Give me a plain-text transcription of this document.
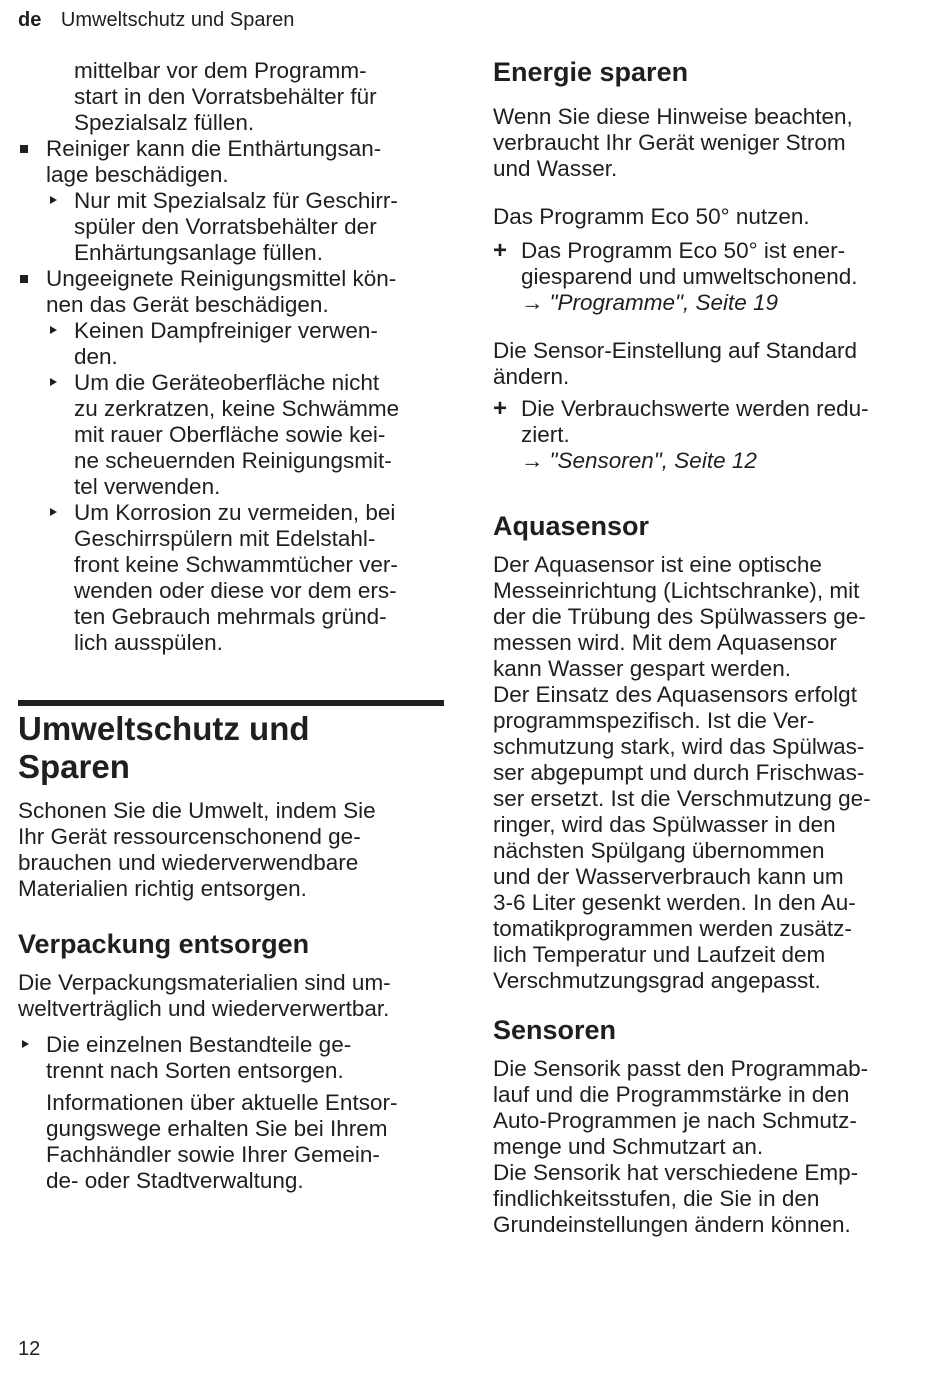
de Umweltschutz und Sparen

mittelbar vor dem Programm-

start in den Vorratsbehälter für

Spezialsalz füllen.

Reiniger kann die Enthärtungsan-

lage beschädigen.

Nur mit Spezialsalz für Geschirr-

spüler den Vorratsbehälter der

Enhärtungsanlage füllen.

Ungeeignete Reinigungsmittel kön-

nen das Gerät beschädigen.

Keinen Dampfreiniger verwen-

den.

Um die Geräteoberfläche nicht

zu zerkratzen, keine Schwämme

mit rauer Oberfläche sowie kei-

ne scheuernden Reinigungsmit-

tel verwenden.

Um Korrosion zu vermeiden, bei

Geschirrspülern mit Edelstahl-

front keine Schwammtücher ver-

wenden oder diese vor dem ers-

ten Gebrauch mehrmals gründ-

lich ausspülen.

Umweltschutz und

Sparen

Schonen Sie die Umwelt, indem Sie

Ihr Gerät ressourcenschonend ge-

brauchen und wiederverwendbare

Materialien richtig entsorgen.

Verpackung entsorgen

Die Verpackungsmaterialien sind um-

weltverträglich und wiederverwertbar.

Die einzelnen Bestandteile ge-

trennt nach Sorten entsorgen.

Informationen über aktuelle Entsor-

gungswege erhalten Sie bei Ihrem

Fachhändler sowie Ihrer Gemein-

de- oder Stadtverwaltung.

Energie sparen

Wenn Sie diese Hinweise beachten,

verbraucht Ihr Gerät weniger Strom

und Wasser.

Das Programm Eco 50° nutzen.

+ Das Programm Eco 50° ist ener-

giesparend und umweltschonend.

→ "Programme", Seite 19

Die Sensor-Einstellung auf Standard

ändern.

+ Die Verbrauchswerte werden redu-

ziert.

→ "Sensoren", Seite 12

Aquasensor

Der Aquasensor ist eine optische

Messeinrichtung (Lichtschranke), mit

der die Trübung des Spülwassers ge-

messen wird. Mit dem Aquasensor

kann Wasser gespart werden.

Der Einsatz des Aquasensors erfolgt

programmspezifisch. Ist die Ver-

schmutzung stark, wird das Spülwas-

ser abgepumpt und durch Frischwas-

ser ersetzt. Ist die Verschmutzung ge-

ringer, wird das Spülwasser in den

nächsten Spülgang übernommen

und der Wasserverbrauch kann um

3-6 Liter gesenkt werden. In den Au-

tomatikprogrammen werden zusätz-

lich Temperatur und Laufzeit dem

Verschmutzungsgrad angepasst.

Sensoren

Die Sensorik passt den Programmab-

lauf und die Programmstärke in den

Auto-Programmen je nach Schmutz-

menge und Schmutzart an.

Die Sensorik hat verschiedene Emp-

findlichkeitsstufen, die Sie in den

Grundeinstellungen ändern können.

12
